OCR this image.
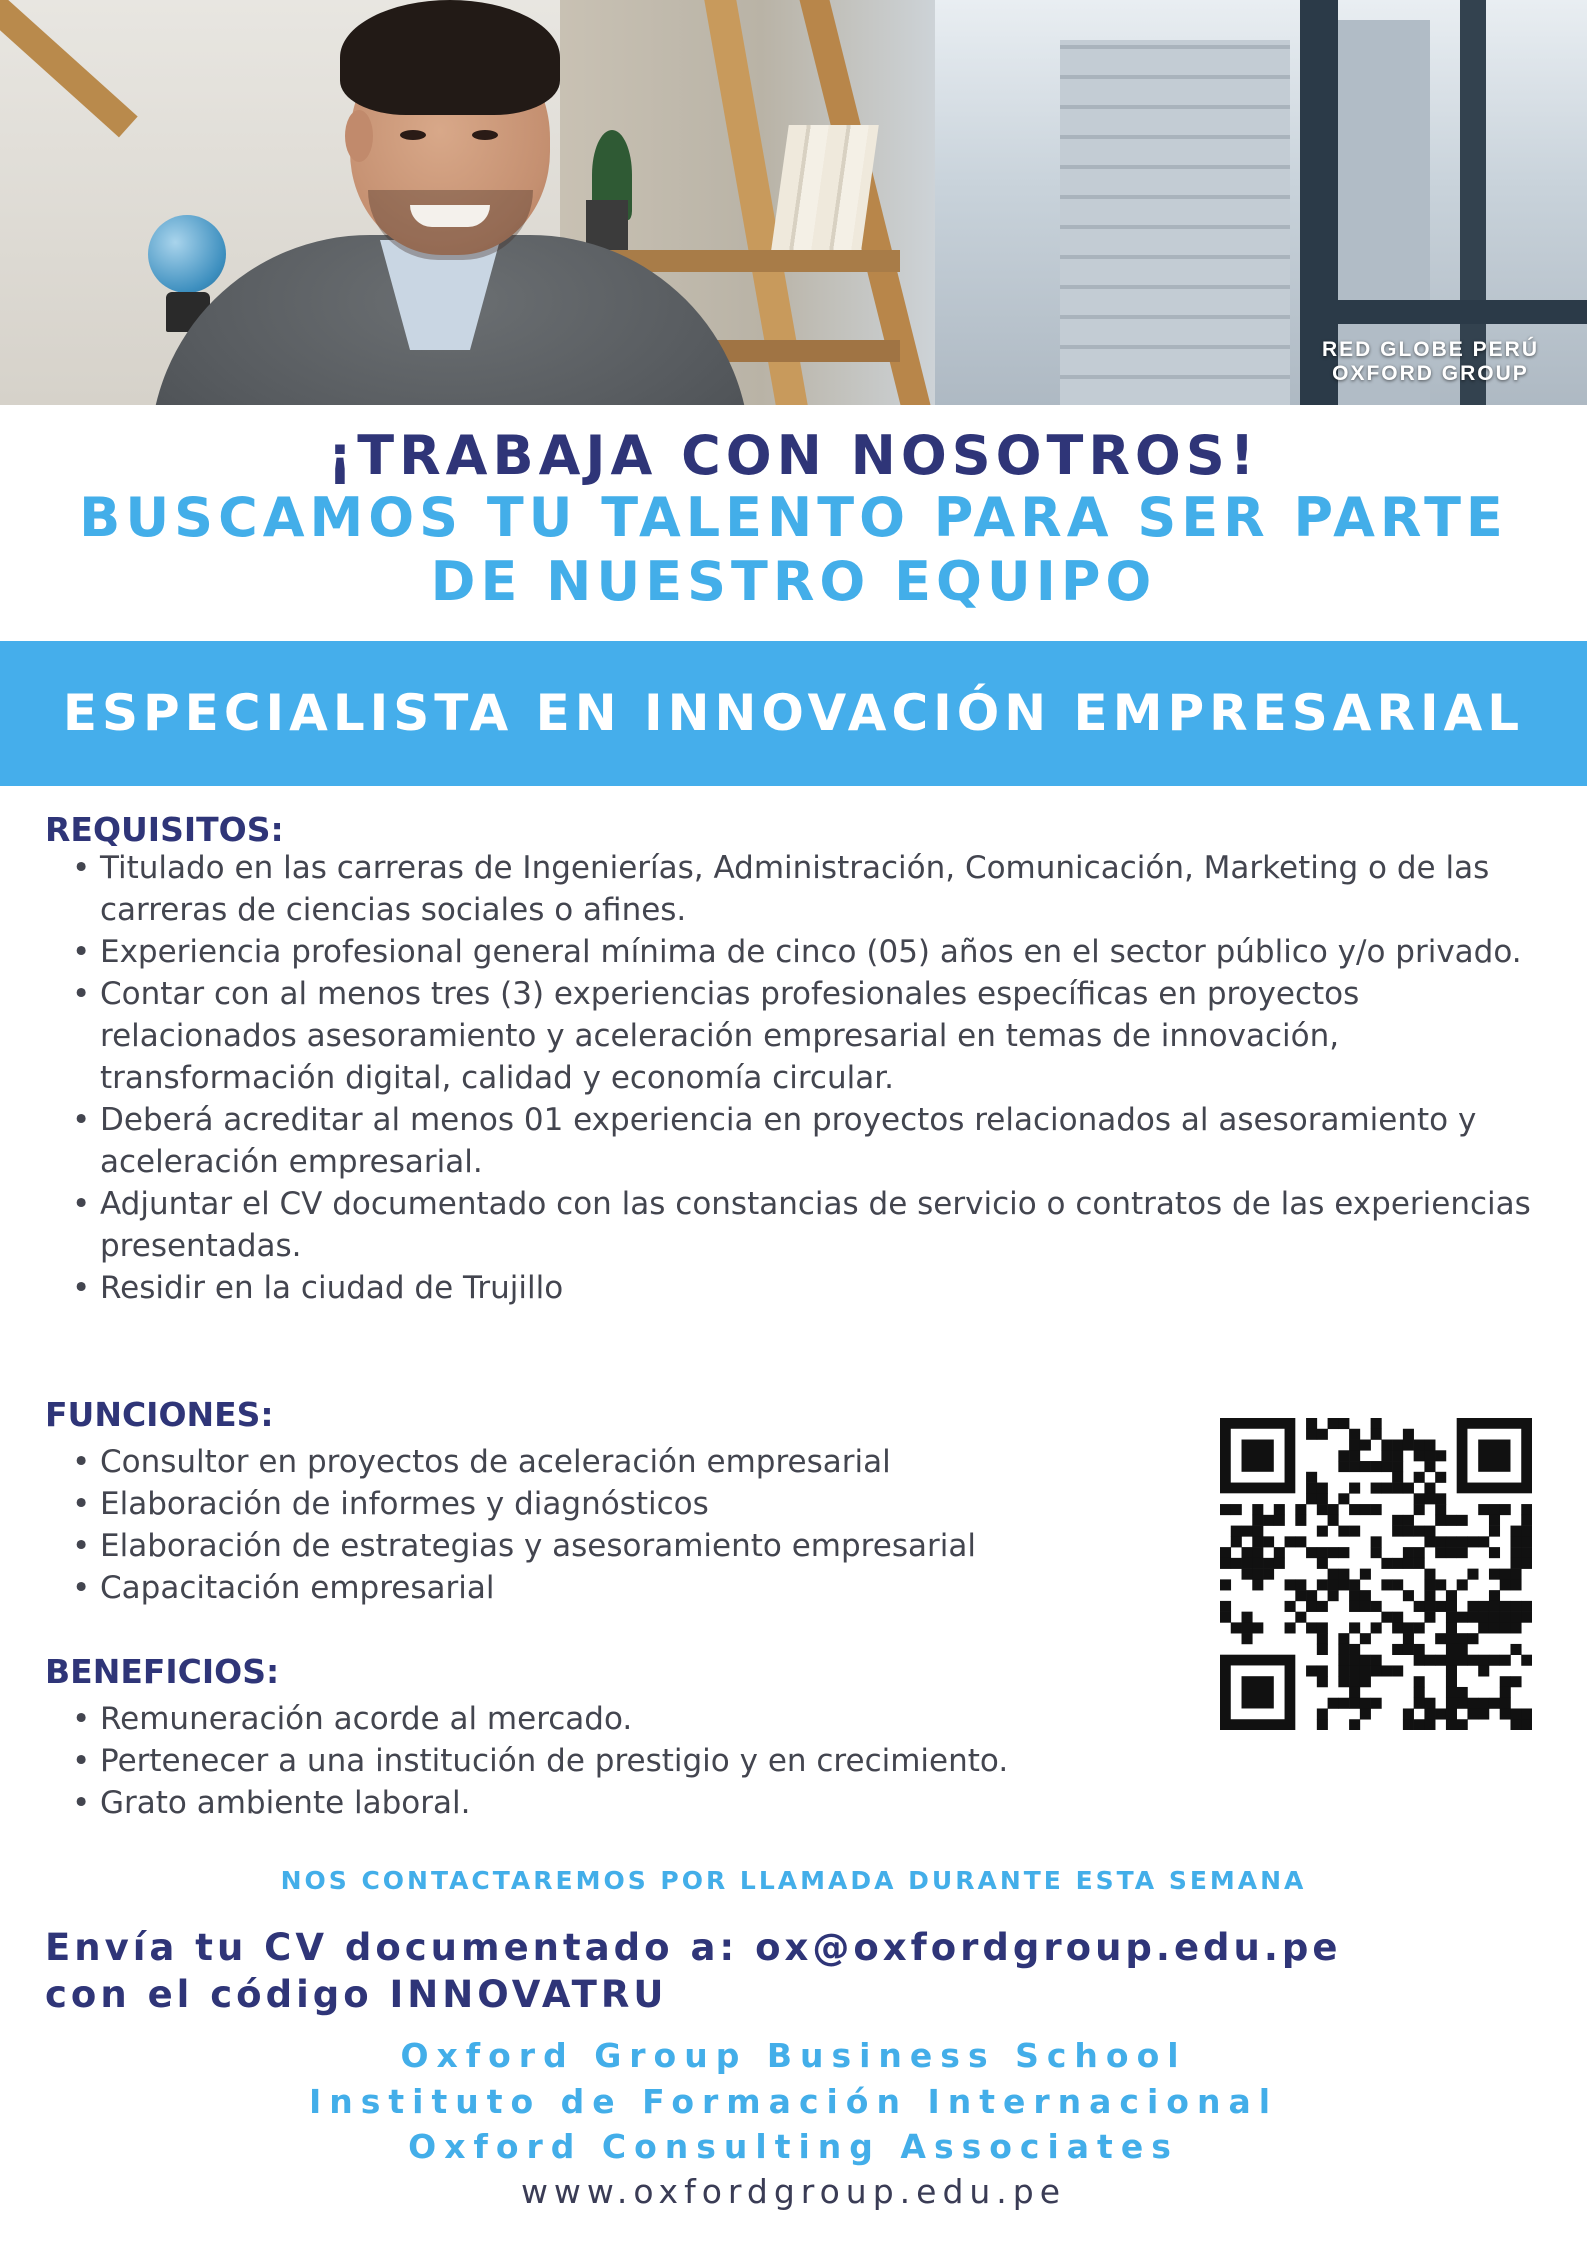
RED GLOBE PERÚ
OXFORD GROUP
¡TRABAJA CON NOSOTROS!
BUSCAMOS TU TALENTO PARA SER PARTE
DE NUESTRO EQUIPO
ESPECIALISTA EN INNOVACIÓN EMPRESARIAL
REQUISITOS:
• Titulado en las carreras de Ingenierías, Administración, Comunicación, Marketing o de las carreras de ciencias sociales o afines.
• Experiencia profesional general mínima de cinco (05) años en el sector público y/o privado.
• Contar con al menos tres (3) experiencias profesionales específicas en proyectos relacionados asesoramiento y aceleración empresarial en temas de innovación, transformación digital, calidad y economía circular.
• Deberá acreditar al menos 01 experiencia en proyectos relacionados al asesoramiento y aceleración empresarial.
• Adjuntar el CV documentado con las constancias de servicio o contratos de las experiencias presentadas.
• Residir en la ciudad de Trujillo
FUNCIONES:
• Consultor en proyectos de aceleración empresarial
• Elaboración de informes y diagnósticos
• Elaboración de estrategias y asesoramiento empresarial
• Capacitación empresarial
BENEFICIOS:
• Remuneración acorde al mercado.
• Pertenecer a una institución de prestigio y en crecimiento.
• Grato ambiente laboral.
NOS CONTACTAREMOS POR LLAMADA DURANTE ESTA SEMANA
Envía tu CV documentado a: ox@oxfordgroup.edu.pe
con el código INNOVATRU
Oxford Group Business School
Instituto de Formación Internacional
Oxford Consulting Associates
www.oxfordgroup.edu.pe
